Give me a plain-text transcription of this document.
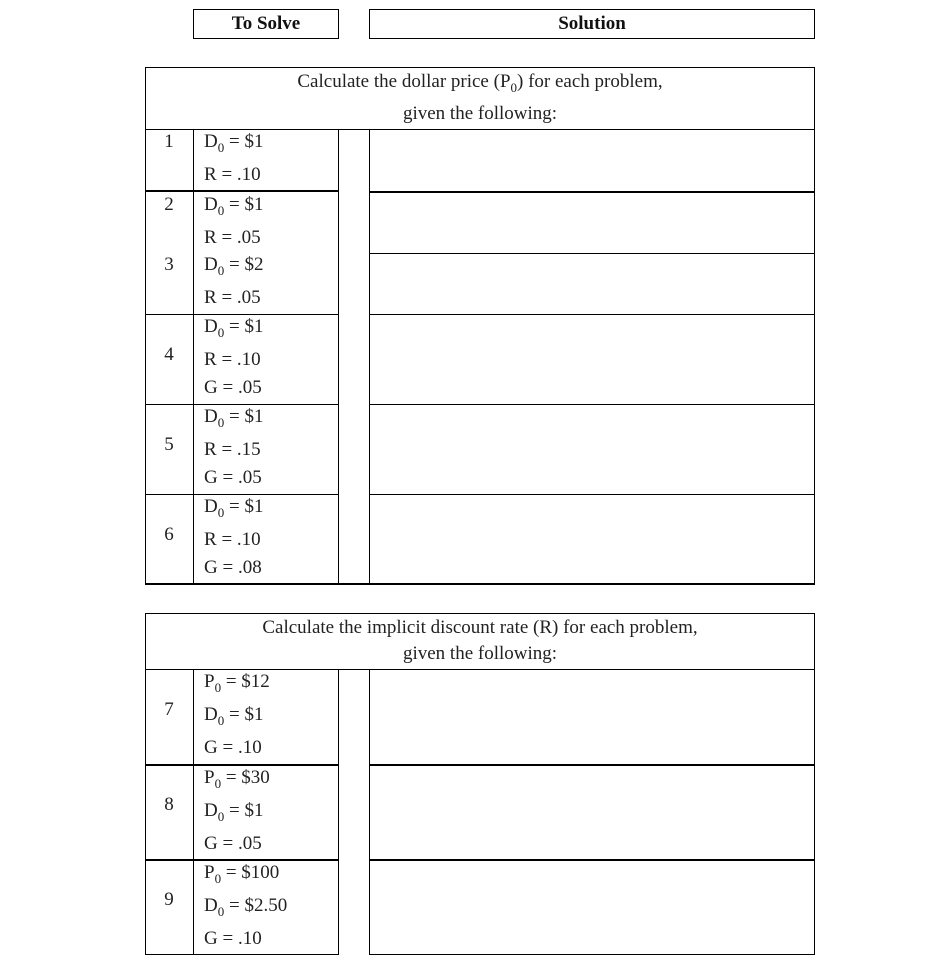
To Solve	Solution
Calculate the dollar price $(P_0)$ for each problem,
given the following:
1	$D_0$ = $1
R = .10
2	$D_0$ = $1
R = .05
3	$D_0$ = $2
R = .05
4
$D_0$ = $1
R = .10
G = .05
5
$D_0$ = $1
R = .15
G = .05
6
$D_0$ = $1
R = .10
G = .08
Calculate the implicit discount rate (R) for each problem,
given the following:
7
$P_0$ = $12
$D_0$ = $1
G = .10
8
$P_0$ = $30
$D_0$ = $1
G = .05
9
$P_0$ = $100
$D_0$ = $2.50
G = .10
